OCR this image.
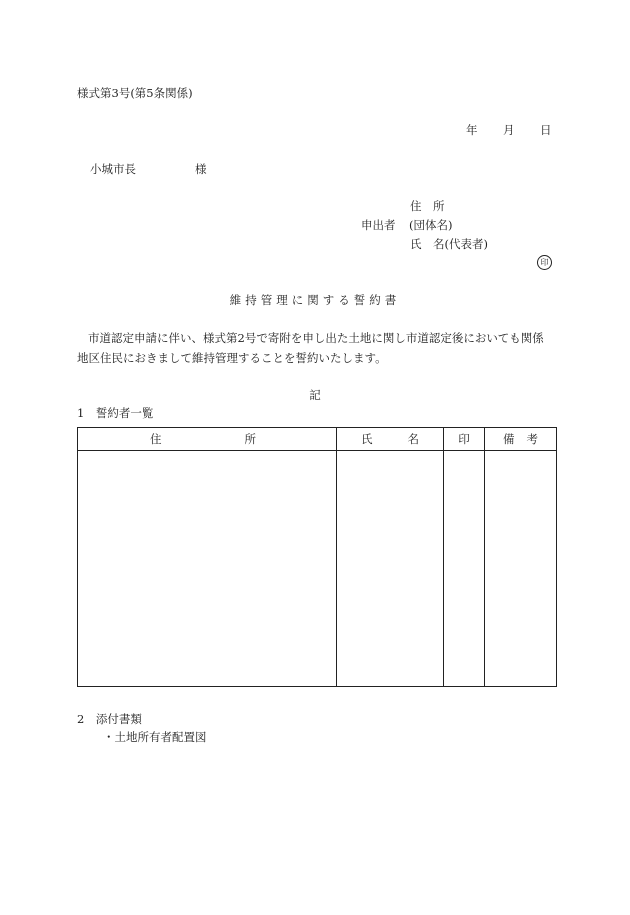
様式第3号(第5条関係)
年 月 日
小城市長	様
住　所
申出者 (団体名)
氏　名(代表者)
印
維持管理に関する誓約書
市道認定申請に伴い、様式第2号で寄附を申し出た土地に関し市道認定後においても関係地区住民におきまして維持管理することを誓約いたします。
記
1　誓約者一覧
住 所	氏 名	印	備 考

2　添付書類
・土地所有者配置図
